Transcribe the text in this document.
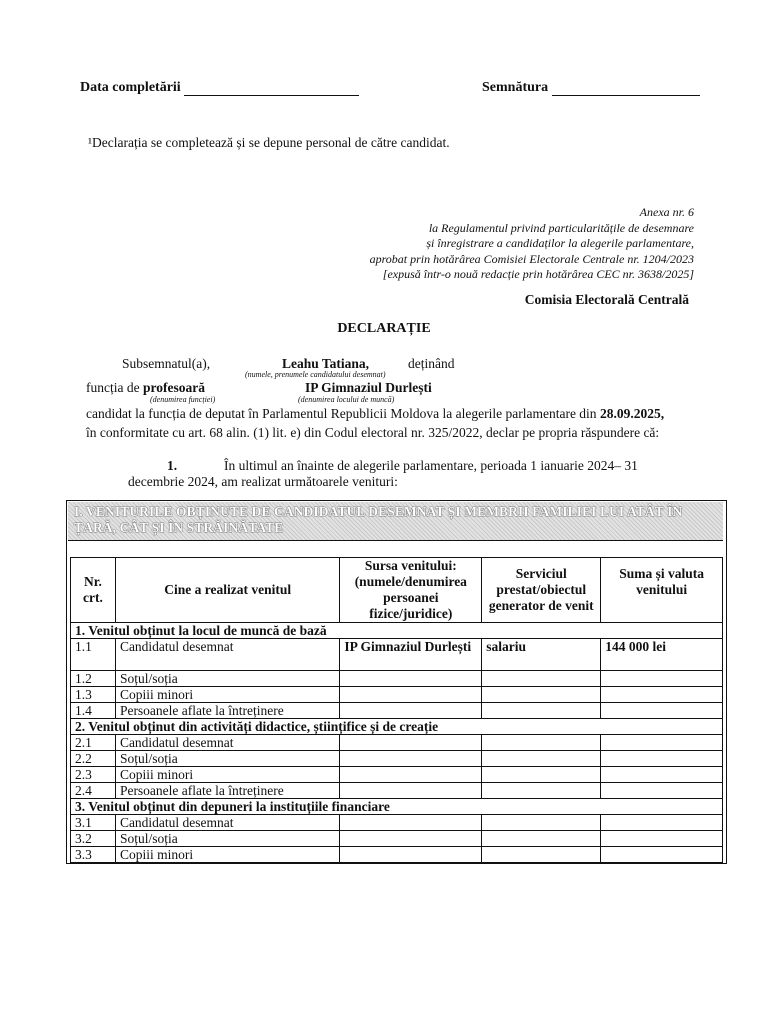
Data completării	Semnătura
¹Declarația se completează și se depune personal de către candidat.
Anexa nr. 6
la Regulamentul privind particularitățile de desemnare
și înregistrare a candidaților la alegerile parlamentare,
aprobat prin hotărârea Comisiei Electorale Centrale nr. 1204/2023
[expusă într-o nouă redacție prin hotărârea CEC nr. 3638/2025]
Comisia Electorală Centrală
DECLARAȚIE
Subsemnatul(a),	Leahu Tatiana,
(numele, prenumele candidatului desemnat)
deținând
funcția de profesoară
(denumirea funcției)
IP Gimnaziul Durlești
(denumirea locului de muncă)
candidat la funcția de deputat în Parlamentul Republicii Moldova la alegerile parlamentare din 28.09.2025,
în conformitate cu art. 68 alin. (1) lit. e) din Codul electoral nr. 325/2022, declar pe propria răspundere că:
1.	În ultimul an înainte de alegerile parlamentare, perioada 1 ianuarie 2024– 31
decembrie 2024, am realizat următoarele venituri:
I. VENITURILE OBȚINUTE DE CANDIDATUL DESEMNAT ȘI MEMBRII FAMILIEI LUI ATÂT ÎN ȚARĂ, CÂT ȘI ÎN STRĂINĂTATE
Nr. crt.	Cine a realizat venitul	Sursa venitului: (numele/denumirea persoanei fizice/juridice)	Serviciul prestat/obiectul generator de venit	Suma și valuta venitului
1. Venitul obținut la locul de muncă de bază				
1.1	Candidatul desemnat	IP Gimnaziul Durlești	salariu	144 000 lei
1.2	Soțul/soția			
1.3	Copiii minori			
1.4	Persoanele aflate la întreținere			
2. Venitul obținut din activități didactice, științifice și de creație				
2.1	Candidatul desemnat			
2.2	Soțul/soția			
2.3	Copiii minori			
2.4	Persoanele aflate la întreținere			
3. Venitul obținut din depuneri la instituțiile financiare				
3.1	Candidatul desemnat			
3.2	Soțul/soția			
3.3	Copiii minori			
